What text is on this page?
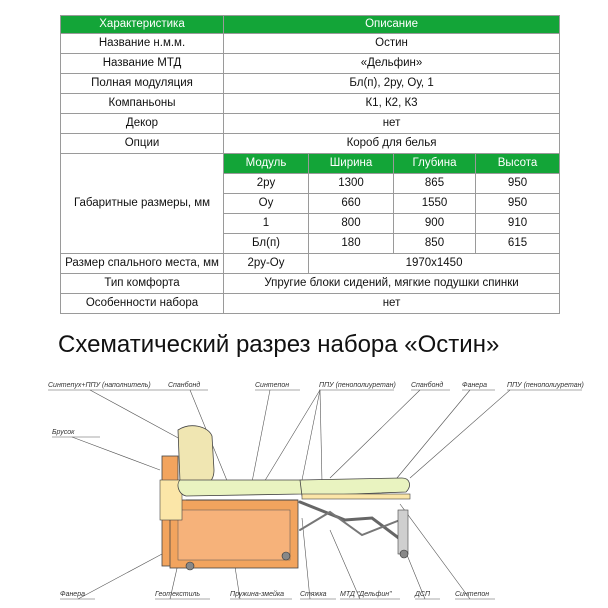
Характеристика	Описание			
Название н.м.м.	Остин			
Название МТД	«Дельфин»			
Полная модуляция	Бл(п), 2ру, Оу, 1			
Компаньоны	К1, К2, К3			
Декор	нет			
Опции	Короб для белья			
Габаритные размеры, мм	Модуль	Ширина	Глубина	Высота
	2ру	1300	865	950
	Оу	660	1550	950
	1	800	900	910
	Бл(п)	180	850	615
Размер спального места, мм	2ру-Оу	1970х1450		
Тип комфорта	Упругие блоки сидений, мягкие подушки спинки			
Особенности набора	нет			
Схематический разрез набора «Остин»
Синтепух+ППУ (наполнитель) Спанбонд	Синтепон	ППУ (пенополиуретан) Спанбонд	Фанера	ППУ (пенополиуретан)
Брусок
Фанера	Геотекстиль	Пружина-змейка Стяжка МТД "Дельфин"	ДСП	Синтепон
